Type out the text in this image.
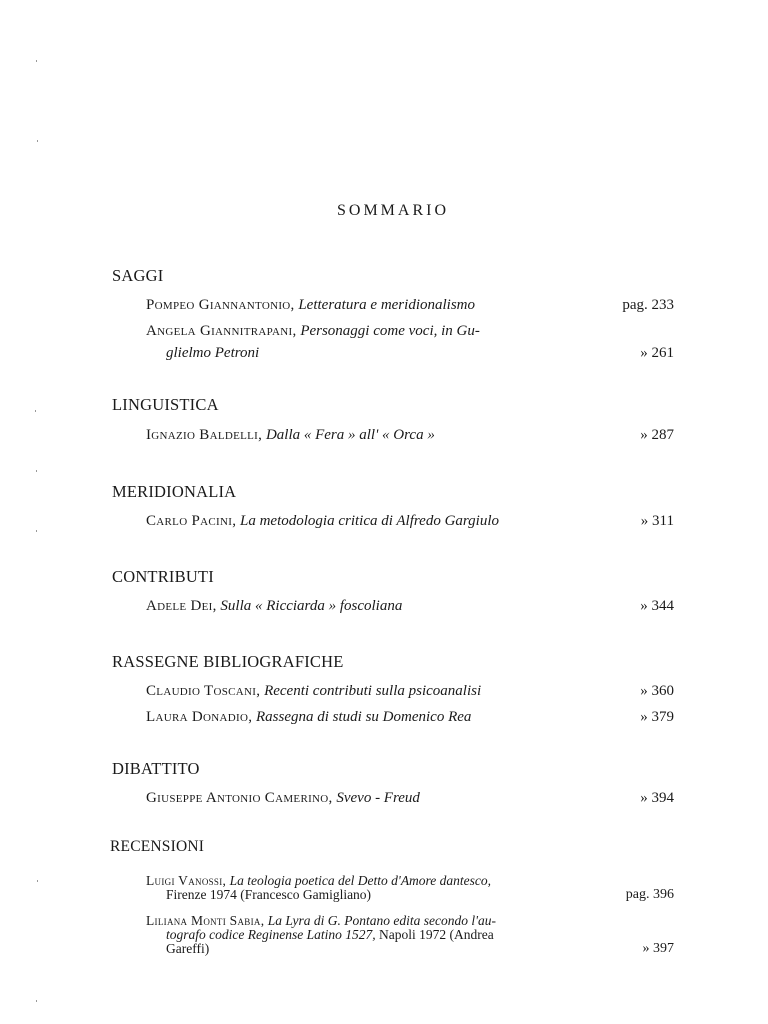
SOMMARIO
SAGGI
Pompeo Giannantonio, Letteratura e meridionalismo	pag. 233
Angela Giannitrapani, Personaggi come voci, in Gu-
glielmo Petroni	» 261
LINGUISTICA
Ignazio Baldelli, Dalla « Fera » all' « Orca »	» 287
MERIDIONALIA
Carlo Pacini, La metodologia critica di Alfredo Gargiulo	» 311
CONTRIBUTI
Adele Dei, Sulla « Ricciarda » foscoliana	» 344
RASSEGNE BIBLIOGRAFICHE
Claudio Toscani, Recenti contributi sulla psicoanalisi	» 360
Laura Donadio, Rassegna di studi su Domenico Rea	» 379
DIBATTITO
Giuseppe Antonio Camerino, Svevo - Freud	» 394
RECENSIONI
Luigi Vanossi, La teologia poetica del Detto d'Amore dantesco,
Firenze 1974 (Francesco Gamigliano)	pag. 396
Liliana Monti Sabia, La Lyra di G. Pontano edita secondo l'au-
tografo codice Reginense Latino 1527, Napoli 1972 (Andrea
Gareffi)	» 397
